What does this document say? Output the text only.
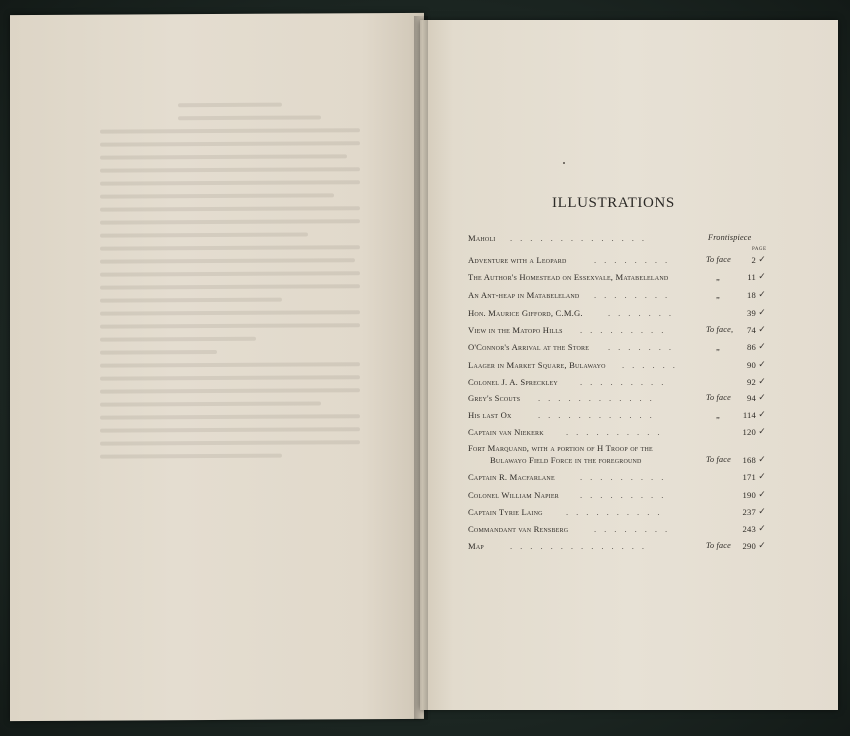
ILLUSTRATIONS
PAGE
Maholi	Frontispiece
..............
Adventure with a Leopard	To face	2 ✓
........
The Author's Homestead on Essexvale, Matabeleland	„	11 ✓
An Ant-heap in Matabeleland	„	18 ✓
........
Hon. Maurice Gifford, C.M.G.	39 ✓
.......
View in the Matopo Hills	To face,	74 ✓
.........
O'Connor's Arrival at the Store	„	86 ✓
.......
Laager in Market Square, Bulawayo	90 ✓
......
Colonel J. A. Spreckley	92 ✓
.........
Grey's Scouts	To face	94 ✓
............
His last Ox	„	114 ✓
............
Captain van Niekerk	120 ✓
..........
Fort Marquand, with a portion of H Troop of the
Bulawayo Field Force in the foreground	To face	168 ✓
Captain R. Macfarlane	171 ✓
.........
Colonel William Napier	190 ✓
.........
Captain Tyrie Laing	237 ✓
..........
Commandant van Rensberg	243 ✓
........
Map	To face	290 ✓
..............
